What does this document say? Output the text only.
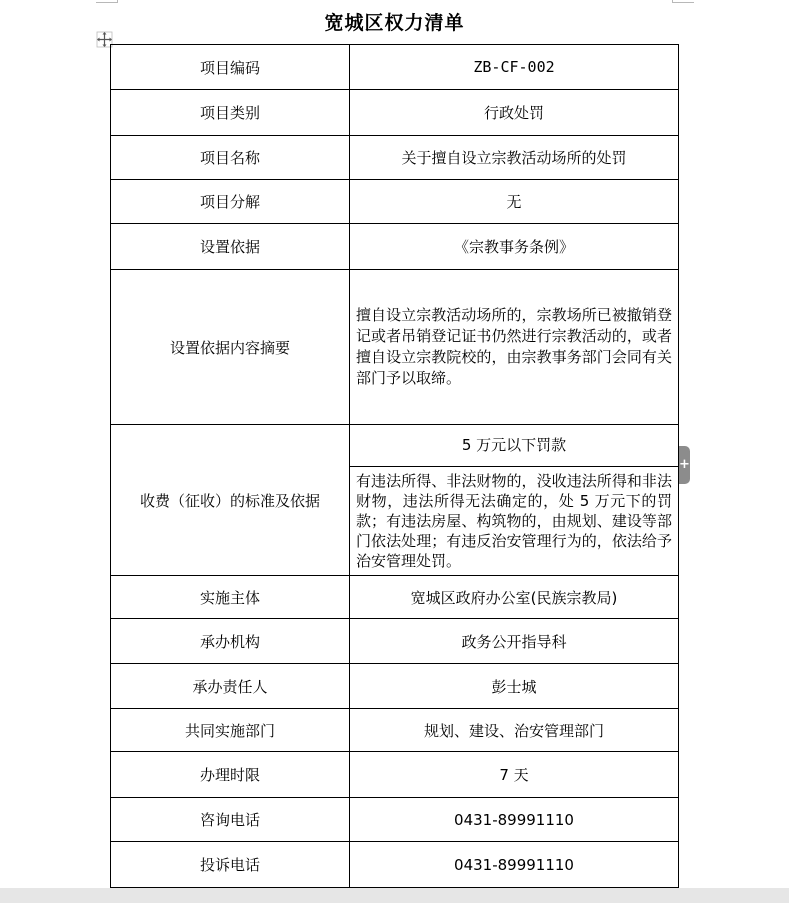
宽城区权力清单
项目编码	ZB-CF-002
项目类别	行政处罚
项目名称	关于擅自设立宗教活动场所的处罚
项目分解	无
设置依据	《宗教事务条例》
设置依据内容摘要	擅自设立宗教活动场所的，宗教场所已被撤销登记或者吊销登记证书仍然进行宗教活动的，或者擅自设立宗教院校的，由宗教事务部门会同有关部门予以取缔。

收费（征收）的标准及依据	5 万元以下罚款
有违法所得、非法财物的，没收违法所得和非法财物，违法所得无法确定的，处 5 万元下的罚款；有违法房屋、构筑物的，由规划、建设等部门依法处理；有违反治安管理行为的，依法给予治安管理处罚。

实施主体	宽城区政府办公室(民族宗教局)
承办机构	政务公开指导科
承办责任人	彭士城
共同实施部门	规划、建设、治安管理部门
办理时限	7 天
咨询电话	0431-89991110
投诉电话	0431-89991110
+
